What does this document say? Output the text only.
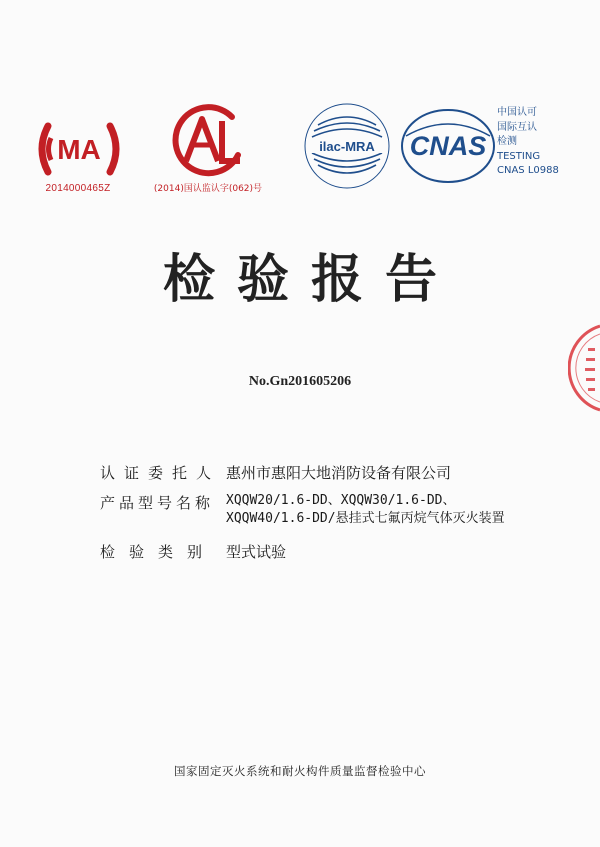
MA
2014000465Z	(2014)国认监认字(062)号
ilac-MRA CNAS
中国认可
国际互认
检测
TESTING
CNAS L0988
检验报告
No.Gn201605206
认证委托人 惠州市惠阳大地消防设备有限公司
产品型号名称 XQQW20/1.6-DD、XQQW30/1.6-DD、
XQQW40/1.6-DD/悬挂式七氟丙烷气体灭火装置
检验类别 型式试验
国家固定灭火系统和耐火构件质量监督检验中心
